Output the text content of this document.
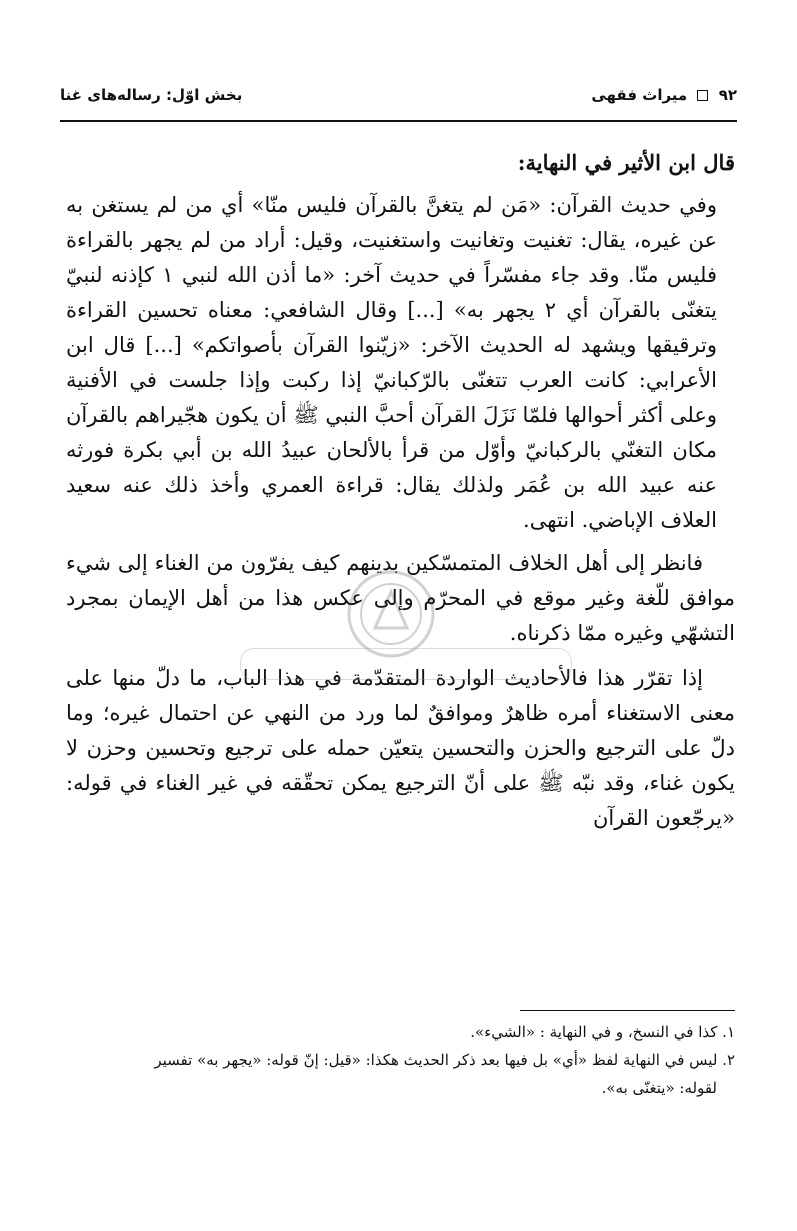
٩٢  میراث فقهی
بخش اوّل: رساله‌های غنا

قال ابن الأثير في النهاية:

وفي حديث القرآن: «مَن لم يتغنَّ بالقرآن فليس منّا» أي من لم يستغن به عن غيره، يقال: تغنيت وتغانيت واستغنيت، وقيل: أراد من لم يجهر بالقراءة فليس منّا. وقد جاء مفسّراً في حديث آخر: «ما أذن الله لنبي ١ كإذنه لنبيّ يتغنّى بالقرآن أي ٢ يجهر به» [...] وقال الشافعي: معناه تحسين القراءة وترقيقها ويشهد له الحديث الآخر: «زيّنوا القرآن بأصواتكم» [...] قال ابن الأعرابي: كانت العرب تتغنّى بالرّكبانيّ إذا ركبت وإذا جلست في الأفنية وعلى أكثر أحوالها فلمّا نَزَلَ القرآن أحبَّ النبي ﷺ أن يكون هجّيراهم بالقرآن مكان التغنّي بالركبانيّ وأوّل من قرأ بالألحان عبيدُ الله بن أبي بكرة فورثه عنه عبيد الله بن عُمَر ولذلك يقال: قراءة العمري وأخذ ذلك عنه سعيد العلاف الإباضي. انتهى.

فانظر إلى أهل الخلاف المتمسّكين بدينهم كيف يفرّون من الغناء إلى شيء موافق للّغة وغير موقع في المحرّم وإلى عكس هذا من أهل الإيمان بمجرد التشهّي وغيره ممّا ذكرناه.

إذا تقرّر هذا فالأحاديث الواردة المتقدّمة في هذا الباب، ما دلّ منها على معنى الاستغناء أمره ظاهرٌ وموافقٌ لما ورد من النهي عن احتمال غيره؛ وما دلّ على الترجيع والحزن والتحسين يتعيّن حمله على ترجيع وتحسين وحزن لا يكون غناء، وقد نبّه ﷺ على أنّ الترجيع يمكن تحقّقه في غير الغناء في قوله: «يرجّعون القرآن

١. كذا في النسخ، و في النهاية : «الشيء».

٢. ليس في النهاية لفظ «أي» بل فيها بعد ذكر الحديث هكذا: «قيل: إنّ قوله: «يجهر به» تفسير

لقوله: «يتغنّى به».
